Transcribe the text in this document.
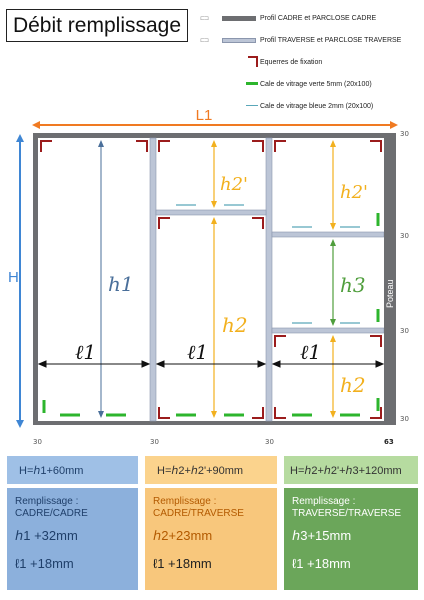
Débit remplissage	⊏⊐	Profil CADRE et PARCLOSE CADRE
⊏⊐	Profil TRAVERSE et PARCLOSE TRAVERSE
Equerres de fixation
Cale de vitrage verte 5mm (20x100)
Cale de vitrage bleue 2mm (20x100)
L1
H
Poteau
h1
h2'
h2
h2'
h3
h2
ℓ1	ℓ1	ℓ1
30
30
30
30
30	30	30	63
H=ℎ1+60mm	H=ℎ2+ℎ2'+90mm	H=ℎ2+ℎ2'+ℎ3+120mm
Remplissage :
CADRE/CADRE
ℎ1 +32mm
ℓ1 +18mm
Remplissage :
CADRE/TRAVERSE
ℎ2+23mm
ℓ1 +18mm
Remplissage :
TRAVERSE/TRAVERSE
ℎ3+15mm
ℓ1 +18mm
